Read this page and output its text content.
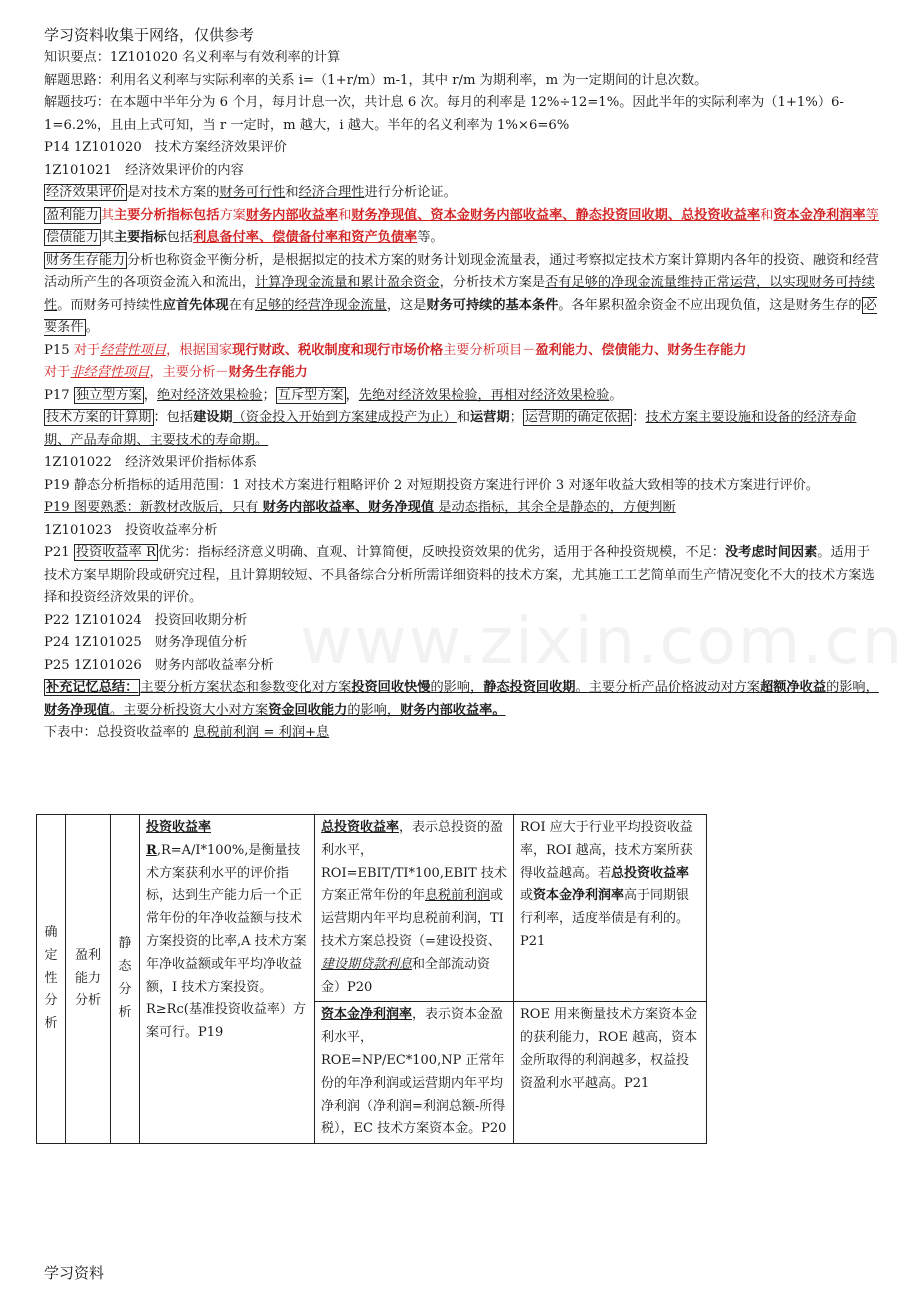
学习资料收集于网络，仅供参考

知识要点：1Z101020 名义利率与有效利率的计算

解题思路：利用名义利率与实际利率的关系 i=（1+r/m）m-1，其中 r/m 为期利率，m 为一定期间的计息次数。

解题技巧：在本题中半年分为 6 个月，每月计息一次，共计息 6 次。每月的利率是 12%÷12=1%。因此半年的实际利率为（1+1%）6-1=6.2%，且由上式可知，当 r 一定时，m 越大，i 越大。半年的名义利率为 1%×6=6%

P14 1Z101020　技术方案经济效果评价

1Z101021　经济效果评价的内容

经济效果评价 是对技术方案的财务可行性和经济合理性进行分析论证。

盈利能力 其主要分析指标包括方案财务内部收益率和财务净现值、资本金财务内部收益率、静态投资回收期、总投资收益率和资本金净利润率等

偿债能力 其主要指标包括利息备付率、偿债备付率和资产负债率等。

财务生存能力 分析也称资金平衡分析，是根据拟定的技术方案的财务计划现金流量表，通过考察拟定技术方案计算期内各年的投资、融资和经营活动所产生的各项资金流入和流出，计算净现金流量和累计盈余资金，分析技术方案是否有足够的净现金流量维持正常运营，以实现财务可持续性。而财务可持续性应首先体现在有足够的经营净现金流量，这是财务可持续的基本条件。各年累积盈余资金不应出现负值，这是财务生存的 必要条件 。

P15 对于经营性项目，根据国家现行财政、税收制度和现行市场价格主要分析项目－盈利能力、偿债能力、财务生存能力

对于非经营性项目，主要分析－财务生存能力

P17 独立型方案 ，绝对经济效果检验； 互斥型方案 ，先绝对经济效果检验，再相对经济效果检验。

技术方案的计算期 ：包括建设期（资金投入开始到方案建成投产为止）和运营期； 运营期的确定依据 ：技术方案主要设施和设备的经济寿命期、产品寿命期、主要技术的寿命期。

1Z101022　经济效果评价指标体系

P19 静态分析指标的适用范围：1 对技术方案进行粗略评价 2 对短期投资方案进行评价 3 对逐年收益大致相等的技术方案进行评价。

P19 图要熟悉：新教材改版后，只有 财务内部收益率、财务净现值 是动态指标，其余全是静态的，方便判断

1Z101023　投资收益率分析

P21 投资收益率 R 优劣：指标经济意义明确、直观、计算简便，反映投资效果的优劣，适用于各种投资规模，不足：没考虑时间因素。适用于技术方案早期阶段或研究过程，且计算期较短、不具备综合分析所需详细资料的技术方案，尤其施工工艺简单而生产情况变化不大的技术方案选择和投资经济效果的评价。

P22 1Z101024　投资回收期分析

P24 1Z101025　财务净现值分析

P25 1Z101026　财务内部收益率分析

补充记忆总结： 主要分析方案状态和参数变化对方案投资回收快慢的影响，静态投资回收期。主要分析产品价格波动对方案超额净收益的影响，财务净现值。主要分析投资大小对方案资金回收能力的影响，财务内部收益率。

下表中：总投资收益率的 息税前利润 = 利润+息

www.zixin.com.cn
确定性分析	盈利能力分析	静态分析	投资收益率 R,R=A/I*100%,是衡量技术方案获利水平的评价指标，达到生产能力后一个正常年份的年净收益额与技术方案投资的比率,A 技术方案年净收益额或年平均净收益额，I 技术方案投资。R≥Rc(基准投资收益率）方案可行。P19	总投资收益率，表示总投资的盈利水平，ROI=EBIT/TI*100,EBIT 技术方案正常年份的年息税前利润或运营期内年平均息税前利润，TI 技术方案总投资（=建设投资、建设期贷款利息和全部流动资金）P20	ROI 应大于行业平均投资收益率，ROI 越高，技术方案所获得收益越高。若总投资收益率或资本金净利润率高于同期银行利率，适度举债是有利的。P21
				资本金净利润率，表示资本金盈利水平，ROE=NP/EC*100,NP 正常年份的年净利润或运营期内年平均净利润（净利润=利润总额-所得税），EC 技术方案资本金。P20	ROE 用来衡量技术方案资本金的获利能力，ROE 越高，资本金所取得的利润越多，权益投资盈利水平越高。P21
学习资料
